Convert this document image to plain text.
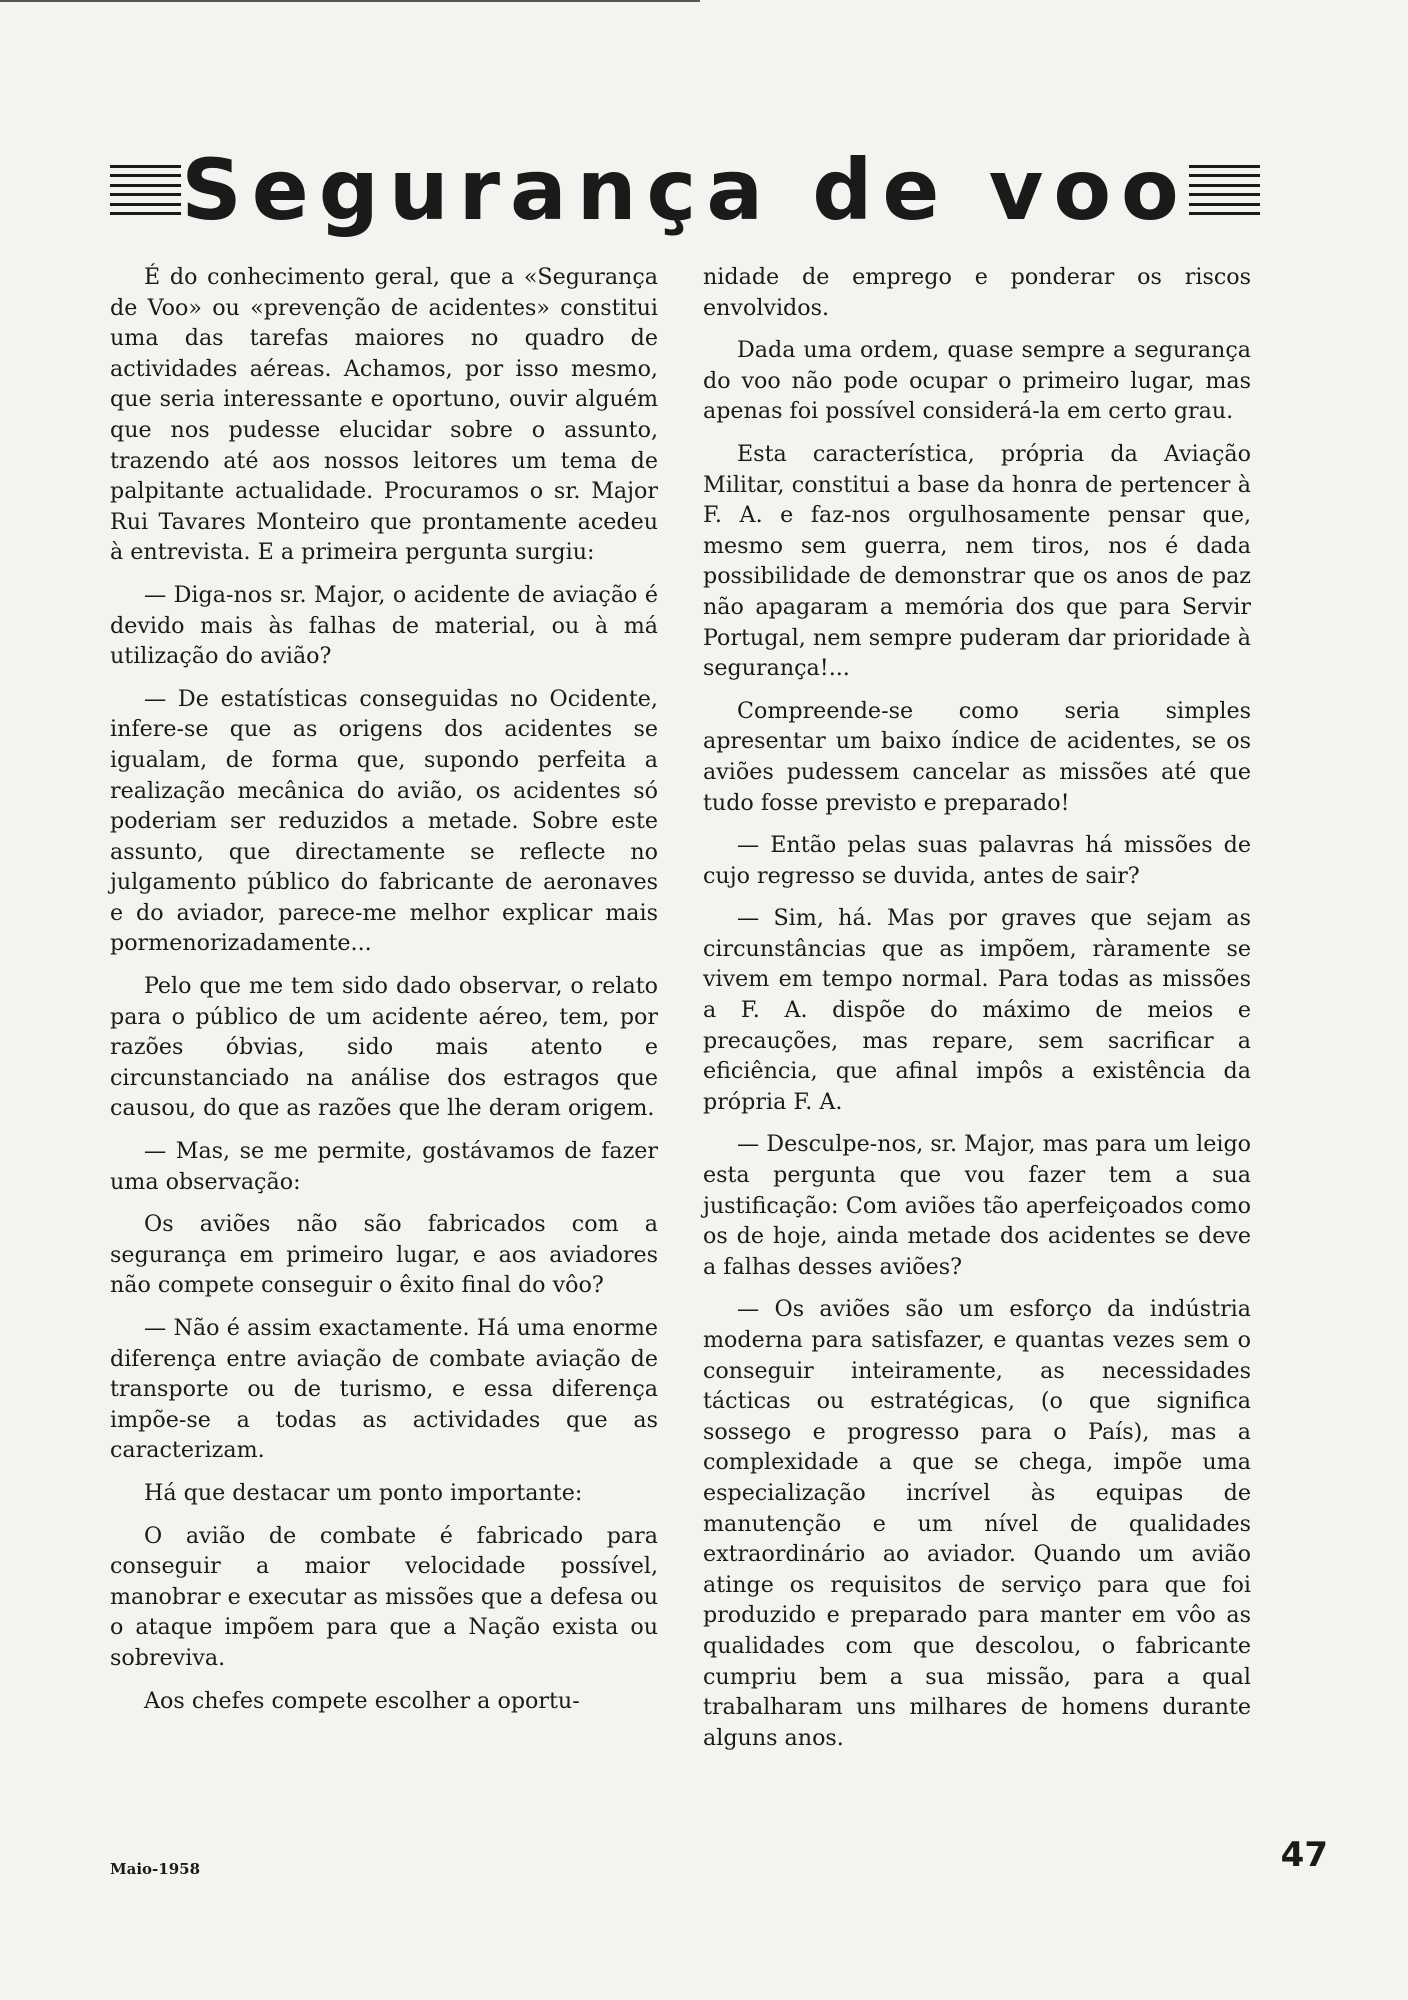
Segurança de voo

É do conhecimento geral, que a «Segurança de Voo» ou «prevenção de acidentes» constitui uma das tarefas maiores no quadro de actividades aéreas. Achamos, por isso mesmo, que seria interessante e oportuno, ouvir alguém que nos pudesse elucidar sobre o assunto, trazendo até aos nossos leitores um tema de palpitante actualidade. Procuramos o sr. Major Rui Tavares Monteiro que prontamente acedeu à entrevista. E a primeira pergunta surgiu:

— Diga-nos sr. Major, o acidente de aviação é devido mais às falhas de material, ou à má utilização do avião?

— De estatísticas conseguidas no Ocidente, infere-se que as origens dos acidentes se igualam, de forma que, supondo perfeita a realização mecânica do avião, os acidentes só poderiam ser reduzidos a metade. Sobre este assunto, que directamente se reflecte no julgamento público do fabricante de aeronaves e do aviador, parece-me melhor explicar mais pormenorizadamente...

Pelo que me tem sido dado observar, o relato para o público de um acidente aéreo, tem, por razões óbvias, sido mais atento e circunstanciado na análise dos estragos que causou, do que as razões que lhe deram origem.

— Mas, se me permite, gostávamos de fazer uma observação:

Os aviões não são fabricados com a segurança em primeiro lugar, e aos aviadores não compete conseguir o êxito final do vôo?

— Não é assim exactamente. Há uma enorme diferença entre aviação de combate aviação de transporte ou de turismo, e essa diferença impõe-se a todas as actividades que as caracterizam.

Há que destacar um ponto importante:

O avião de combate é fabricado para conseguir a maior velocidade possível, manobrar e executar as missões que a defesa ou o ataque impõem para que a Nação exista ou sobreviva.

Aos chefes compete escolher a oportu-

nidade de emprego e ponderar os riscos envolvidos.

Dada uma ordem, quase sempre a segurança do voo não pode ocupar o primeiro lugar, mas apenas foi possível considerá-la em certo grau.

Esta característica, própria da Aviação Militar, constitui a base da honra de pertencer à F. A. e faz-nos orgulhosamente pensar que, mesmo sem guerra, nem tiros, nos é dada possibilidade de demonstrar que os anos de paz não apagaram a memória dos que para Servir Portugal, nem sempre puderam dar prioridade à segurança!...

Compreende-se como seria simples apresentar um baixo índice de acidentes, se os aviões pudessem cancelar as missões até que tudo fosse previsto e preparado!

— Então pelas suas palavras há missões de cujo regresso se duvida, antes de sair?

— Sim, há. Mas por graves que sejam as circunstâncias que as impõem, ràramente se vivem em tempo normal. Para todas as missões a F. A. dispõe do máximo de meios e precauções, mas repare, sem sacrificar a eficiência, que afinal impôs a existência da própria F. A.

— Desculpe-nos, sr. Major, mas para um leigo esta pergunta que vou fazer tem a sua justificação: Com aviões tão aperfeiçoados como os de hoje, ainda metade dos acidentes se deve a falhas desses aviões?

— Os aviões são um esforço da indústria moderna para satisfazer, e quantas vezes sem o conseguir inteiramente, as necessidades tácticas ou estratégicas, (o que significa sossego e progresso para o País), mas a complexidade a que se chega, impõe uma especialização incrível às equipas de manutenção e um nível de qualidades extraordinário ao aviador. Quando um avião atinge os requisitos de serviço para que foi produzido e preparado para manter em vôo as qualidades com que descolou, o fabricante cumpriu bem a sua missão, para a qual trabalharam uns milhares de homens durante alguns anos.

Maio-1958	47
